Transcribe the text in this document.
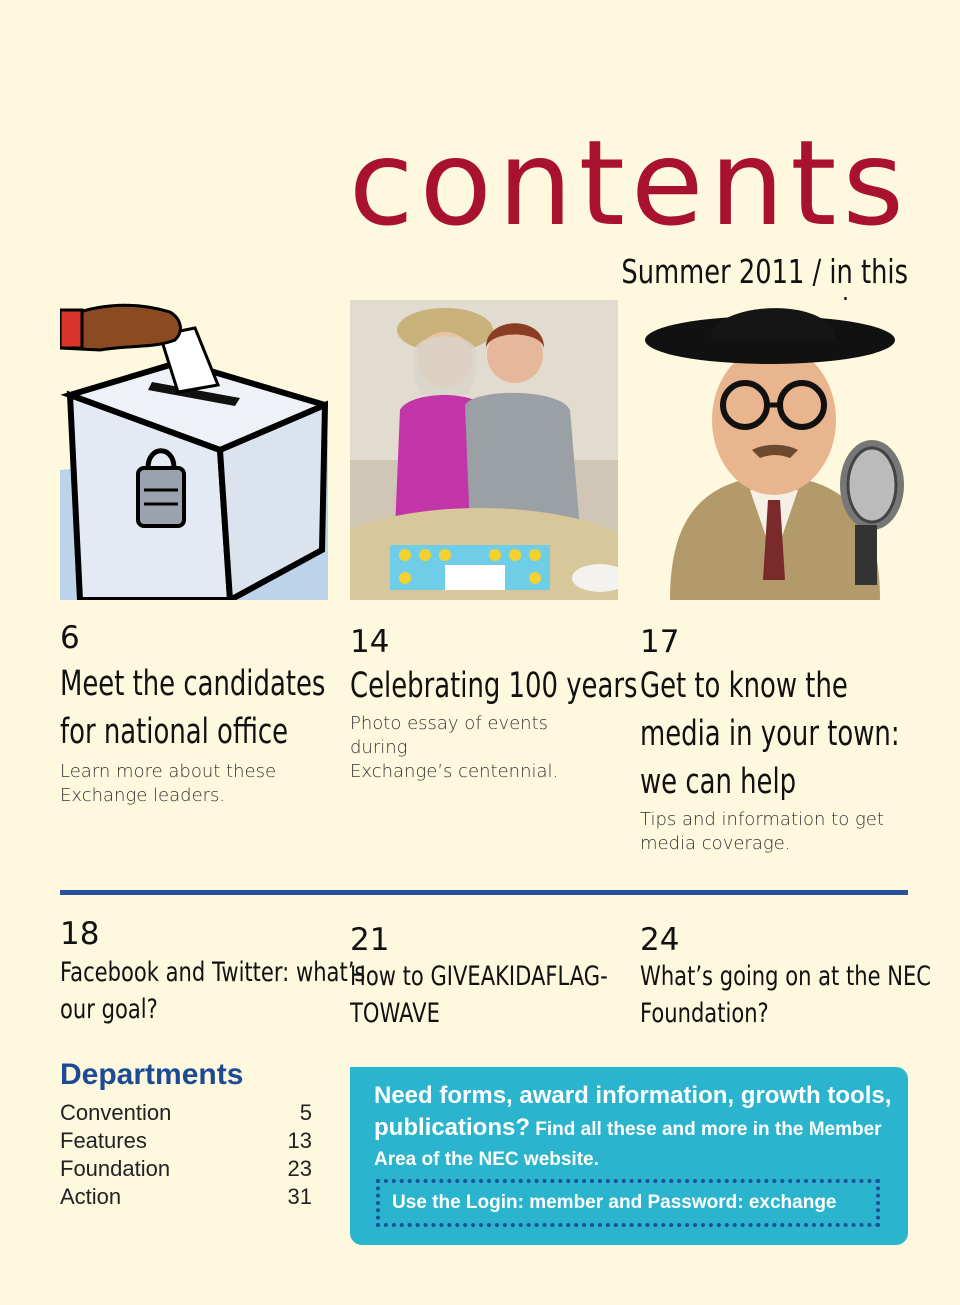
contents
Summer 2011 / in this
6
Meet the candidates
for national office
Learn more about these
Exchange leaders.
14
Celebrating 100 years
Photo essay of events during
Exchange’s centennial.
17
Get to know the
media in your town:
we can help
Tips and information to get
media coverage.
18
Facebook and Twitter: what’s
our goal?
21
How to GIVEAKIDAFLAG-
TOWAVE
24
What’s going on at the NEC
Foundation?
Departments
Convention	5
Features	13
Foundation	23
Action	31
Need forms, award information, growth tools, publications? Find all these and more in the Member Area of the NEC website.
Use the Login: member and Password: exchange
